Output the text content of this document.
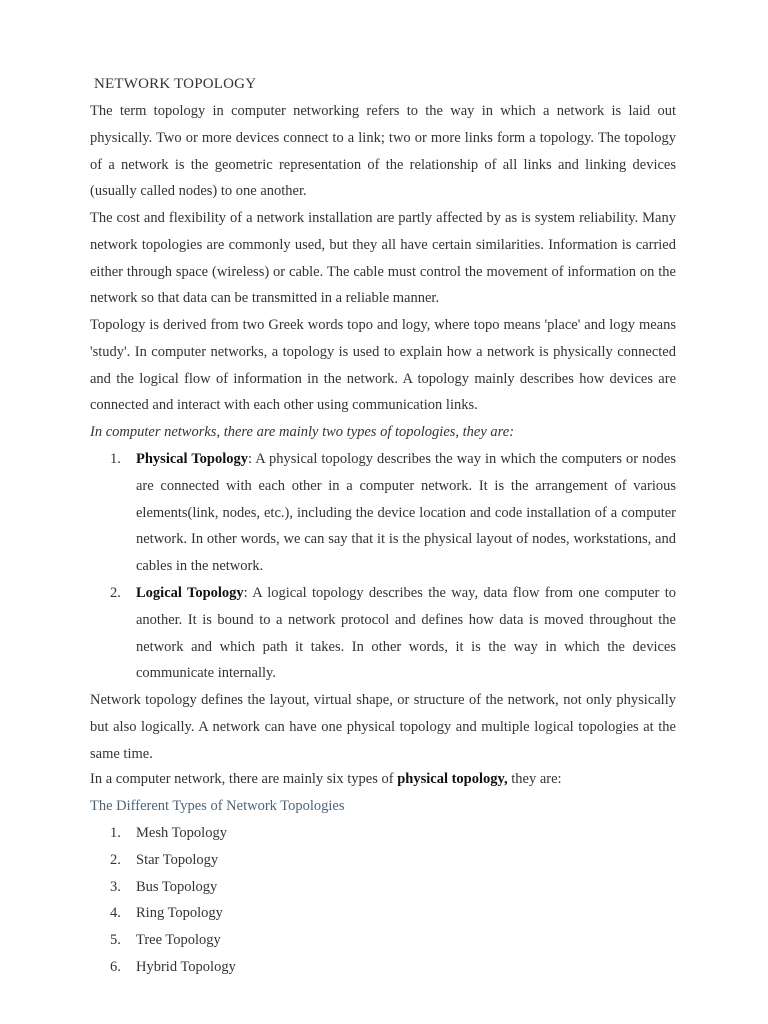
NETWORK TOPOLOGY

The term topology in computer networking refers to the way in which a network is laid out physically. Two or more devices connect to a link; two or more links form a topology. The topology of a network is the geometric representation of the relationship of all links and linking devices (usually called nodes) to one another.

The cost and flexibility of a network installation are partly affected by as is system reliability. Many network topologies are commonly used, but they all have certain similarities. Information is carried either through space (wireless) or cable. The cable must control the movement of information on the network so that data can be transmitted in a reliable manner.

Topology is derived from two Greek words topo and logy, where topo means 'place' and logy means 'study'. In computer networks, a topology is used to explain how a network is physically connected and the logical flow of information in the network. A topology mainly describes how devices are connected and interact with each other using communication links.

In computer networks, there are mainly two types of topologies, they are:

1. Physical Topology: A physical topology describes the way in which the computers or nodes are connected with each other in a computer network. It is the arrangement of various elements(link, nodes, etc.), including the device location and code installation of a computer network. In other words, we can say that it is the physical layout of nodes, workstations, and cables in the network.
2. Logical Topology: A logical topology describes the way, data flow from one computer to another. It is bound to a network protocol and defines how data is moved throughout the network and which path it takes. In other words, it is the way in which the devices communicate internally.

Network topology defines the layout, virtual shape, or structure of the network, not only physically but also logically. A network can have one physical topology and multiple logical topologies at the same time.

In a computer network, there are mainly six types of physical topology, they are:

The Different Types of Network Topologies

1. Mesh Topology
2. Star Topology
3. Bus Topology
4. Ring Topology
5. Tree Topology
6. Hybrid Topology
